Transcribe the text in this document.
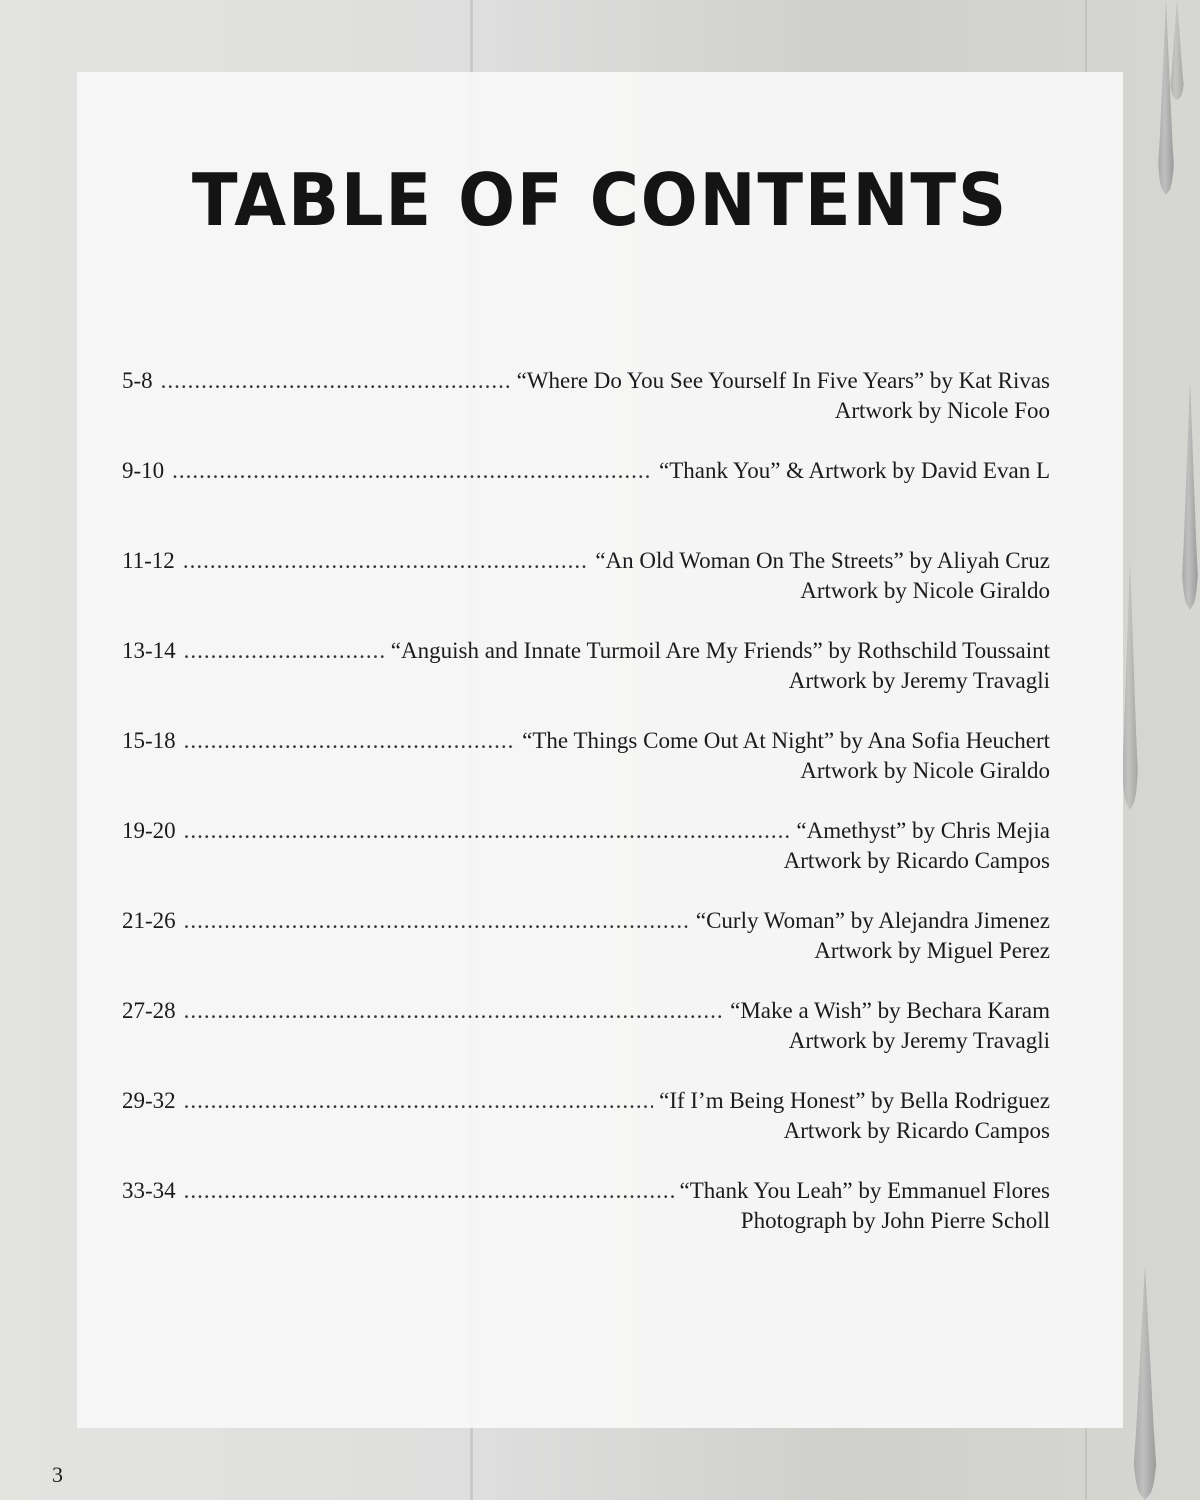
TABLE OF CONTENTS
5-8 .....	“Where Do You See Yourself In Five Years” by Kat Rivas
Artwork by Nicole Foo
9-10 .....	“Thank You” & Artwork by David Evan L
11-12 .....	“An Old Woman On The Streets” by Aliyah Cruz
Artwork by Nicole Giraldo
13-14 .....	“Anguish and Innate Turmoil Are My Friends” by Rothschild Toussaint
Artwork by Jeremy Travagli
15-18 .....	“The Things Come Out At Night” by Ana Sofia Heuchert
Artwork by Nicole Giraldo
19-20 .....	“Amethyst” by Chris Mejia
Artwork by Ricardo Campos
21-26 .....	“Curly Woman” by Alejandra Jimenez
Artwork by Miguel Perez
27-28 .....	“Make a Wish” by Bechara Karam
Artwork by Jeremy Travagli
29-32 .....	“If I’m Being Honest” by Bella Rodriguez
Artwork by Ricardo Campos
33-34 .....	“Thank You Leah” by Emmanuel Flores
Photograph by John Pierre Scholl
3
